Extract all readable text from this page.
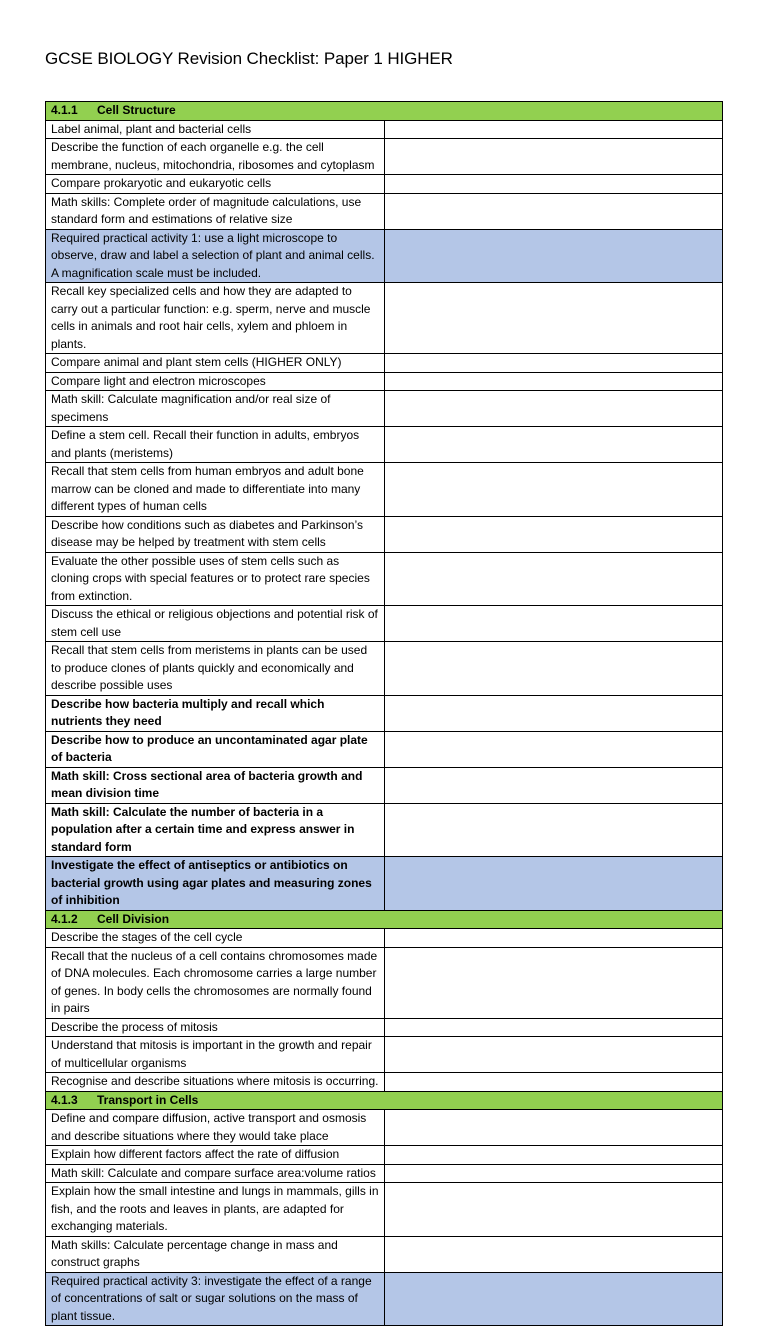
GCSE BIOLOGY Revision Checklist: Paper 1 HIGHER
4.1.1 Cell Structure	
Label animal, plant and bacterial cells	
Describe the function of each organelle e.g. the cell membrane, nucleus, mitochondria, ribosomes and cytoplasm	
Compare prokaryotic and eukaryotic cells	
Math skills: Complete order of magnitude calculations, use standard form and estimations of relative size	
Required practical activity 1: use a light microscope to observe, draw and label a selection of plant and animal cells. A magnification scale must be included.	
Recall key specialized cells and how they are adapted to carry out a particular function: e.g. sperm, nerve and muscle cells in animals and root hair cells, xylem and phloem in plants.	
Compare animal and plant stem cells (HIGHER ONLY)	
Compare light and electron microscopes	
Math skill: Calculate magnification and/or real size of specimens	
Define a stem cell. Recall their function in adults, embryos and plants (meristems)	
Recall that stem cells from human embryos and adult bone marrow can be cloned and made to differentiate into many different types of human cells	
Describe how conditions such as diabetes and Parkinson’s disease may be helped by treatment with stem cells	
Evaluate the other possible uses of stem cells such as cloning crops with special features or to protect rare species from extinction.	
Discuss the ethical or religious objections and potential risk of stem cell use	
Recall that stem cells from meristems in plants can be used to produce clones of plants quickly and economically and describe possible uses	
Describe how bacteria multiply and recall which nutrients they need	
Describe how to produce an uncontaminated agar plate of bacteria	
Math skill: Cross sectional area of bacteria growth and mean division time	
Math skill: Calculate the number of bacteria in a population after a certain time and express answer in standard form	
Investigate the effect of antiseptics or antibiotics on bacterial growth using agar plates and measuring zones of inhibition	
4.1.2 Cell Division	
Describe the stages of the cell cycle	
Recall that the nucleus of a cell contains chromosomes made of DNA molecules. Each chromosome carries a large number of genes. In body cells the chromosomes are normally found in pairs	
Describe the process of mitosis	
Understand that mitosis is important in the growth and repair of multicellular organisms	
Recognise and describe situations where mitosis is occurring.	
4.1.3 Transport in Cells	
Define and compare diffusion, active transport and osmosis and describe situations where they would take place	
Explain how different factors affect the rate of diffusion	
Math skill: Calculate and compare surface area:volume ratios	
Explain how the small intestine and lungs in mammals, gills in fish, and the roots and leaves in plants, are adapted for exchanging materials.	
Math skills: Calculate percentage change in mass and construct graphs	
Required practical activity 3: investigate the effect of a range of concentrations of salt or sugar solutions on the mass of plant tissue.	
